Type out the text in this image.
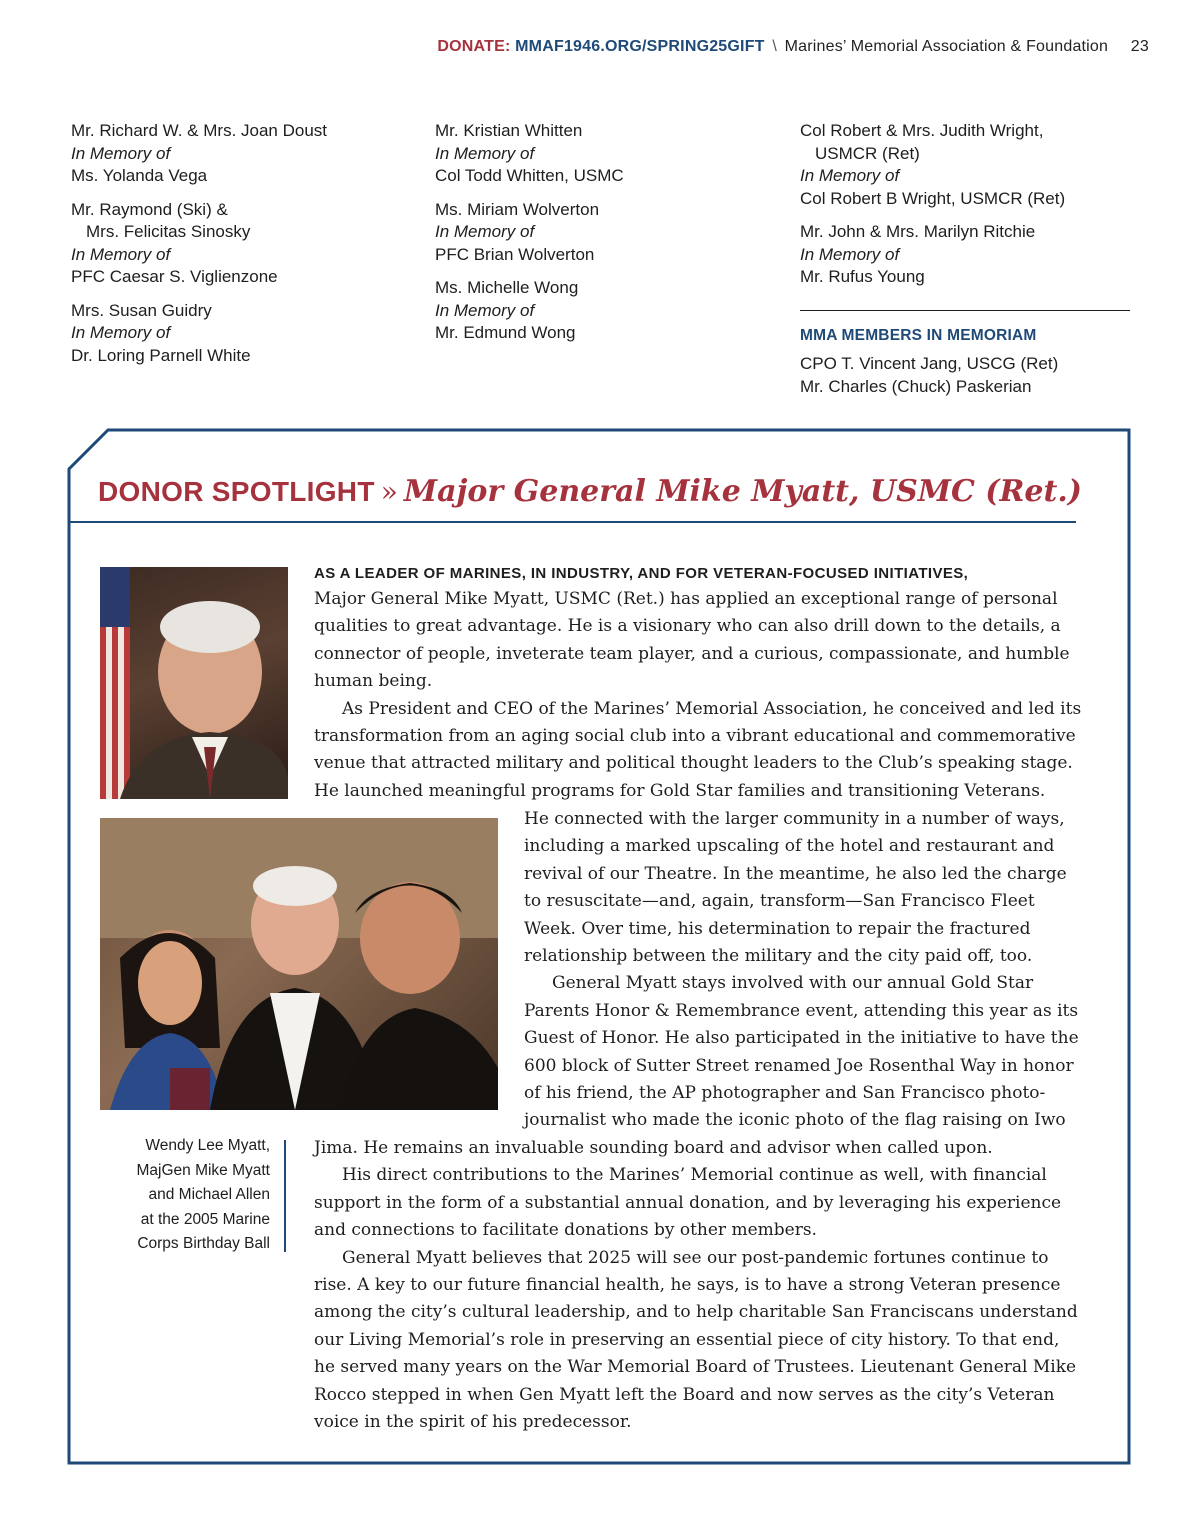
DONATE: MMAF1946.ORG/SPRING25GIFT \ Marines’ Memorial Association & Foundation 23
Mr. Richard W. & Mrs. Joan Doust
In Memory of
Ms. Yolanda Vega
Mr. Raymond (Ski) &
Mrs. Felicitas Sinosky
In Memory of
PFC Caesar S. Viglienzone
Mrs. Susan Guidry
In Memory of
Dr. Loring Parnell White
Mr. Kristian Whitten
In Memory of
Col Todd Whitten, USMC
Ms. Miriam Wolverton
In Memory of
PFC Brian Wolverton
Ms. Michelle Wong
In Memory of
Mr. Edmund Wong
Col Robert & Mrs. Judith Wright,
USMCR (Ret)
In Memory of
Col Robert B Wright, USMCR (Ret)
Mr. John & Mrs. Marilyn Ritchie
In Memory of
Mr. Rufus Young
MMA MEMBERS IN MEMORIAM
CPO T. Vincent Jang, USCG (Ret)
Mr. Charles (Chuck) Paskerian
DONOR SPOTLIGHT » Major General Mike Myatt, USMC (Ret.)
Wendy Lee Myatt,
MajGen Mike Myatt
and Michael Allen
at the 2005 Marine
Corps Birthday Ball

AS A LEADER OF MARINES, IN INDUSTRY, AND FOR VETERAN-FOCUSED INITIATIVES,

Major General Mike Myatt, USMC (Ret.) has applied an exceptional range of personal

qualities to great advantage. He is a visionary who can also drill down to the details, a

connector of people, inveterate team player, and a curious, compassionate, and humble

human being.

As President and CEO of the Marines’ Memorial Association, he conceived and led its

transformation from an aging social club into a vibrant educational and commemorative

venue that attracted military and political thought leaders to the Club’s speaking stage.

He launched meaningful programs for Gold Star families and transitioning Veterans.

He connected with the larger community in a number of ways,

including a marked upscaling of the hotel and restaurant and

revival of our Theatre. In the meantime, he also led the charge

to resuscitate—and, again, transform—San Francisco Fleet

Week. Over time, his determination to repair the fractured

relationship between the military and the city paid off, too.

General Myatt stays involved with our annual Gold Star

Parents Honor & Remembrance event, attending this year as its

Guest of Honor. He also participated in the initiative to have the

600 block of Sutter Street renamed Joe Rosenthal Way in honor

of his friend, the AP photographer and San Francisco photo-

journalist who made the iconic photo of the flag raising on Iwo

Jima. He remains an invaluable sounding board and advisor when called upon.

His direct contributions to the Marines’ Memorial continue as well, with financial

support in the form of a substantial annual donation, and by leveraging his experience

and connections to facilitate donations by other members.

General Myatt believes that 2025 will see our post-pandemic fortunes continue to

rise. A key to our future financial health, he says, is to have a strong Veteran presence

among the city’s cultural leadership, and to help charitable San Franciscans understand

our Living Memorial’s role in preserving an essential piece of city history. To that end,

he served many years on the War Memorial Board of Trustees. Lieutenant General Mike

Rocco stepped in when Gen Myatt left the Board and now serves as the city’s Veteran

voice in the spirit of his predecessor.
